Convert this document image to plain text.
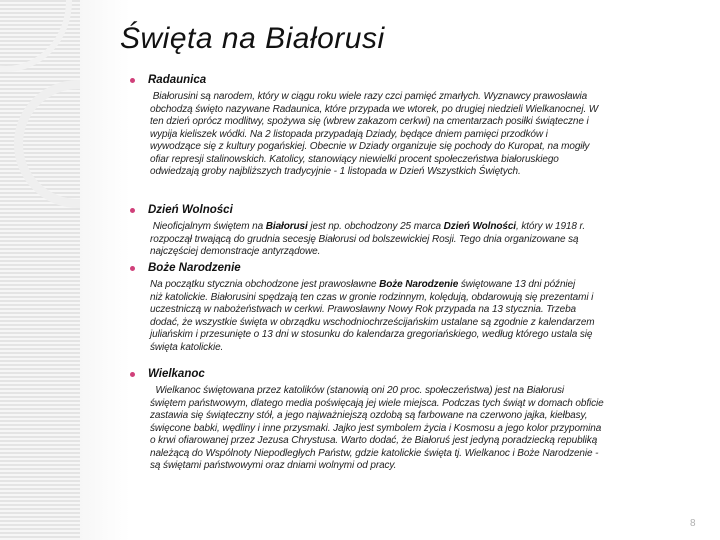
Święta na Białorusi
Radaunica
Białorusini są narodem, który w ciągu roku wiele razy czci pamięć zmarłych. Wyznawcy prawosławia
obchodzą święto nazywane Radaunica, które przypada we wtorek, po drugiej niedzieli Wielkanocnej. W
ten dzień oprócz modlitwy, spożywa się (wbrew zakazom cerkwi) na cmentarzach posiłki świąteczne i
wypija kieliszek wódki. Na 2 listopada przypadają Dziady, będące dniem pamięci przodków i
wywodzące się z kultury pogańskiej. Obecnie w Dziady organizuje się pochody do Kuropat, na mogiły
ofiar represji stalinowskich. Katolicy, stanowiący niewielki procent społeczeństwa białoruskiego
odwiedzają groby najbliższych tradycyjnie - 1 listopada w Dzień Wszystkich Świętych.
Dzień Wolności
Nieoficjalnym świętem na Białorusi jest np. obchodzony 25 marca Dzień Wolności, który w 1918 r.
rozpoczął trwającą do grudnia secesję Białorusi od bolszewickiej Rosji. Tego dnia organizowane są
najczęściej demonstracje antyrządowe.
Boże Narodzenie
Na początku stycznia obchodzone jest prawosławne Boże Narodzenie świętowane 13 dni później
niż katolickie. Białorusini spędzają ten czas w gronie rodzinnym, kolędują, obdarowują się prezentami i
uczestniczą w nabożeństwach w cerkwi. Prawosławny Nowy Rok przypada na 13 stycznia. Trzeba
dodać, że wszystkie święta w obrządku wschodniochrześcijańskim ustalane są zgodnie z kalendarzem
juliańskim i przesunięte o 13 dni w stosunku do kalendarza gregoriańskiego, według którego ustala się
święta katolickie.
Wielkanoc
Wielkanoc świętowana przez katolików (stanowią oni 20 proc. społeczeństwa) jest na Białorusi
świętem państwowym, dlatego media poświęcają jej wiele miejsca. Podczas tych świąt w domach obficie
zastawia się świąteczny stół, a jego najważniejszą ozdobą są farbowane na czerwono jajka, kiełbasy,
święcone babki, wędliny i inne przysmaki. Jajko jest symbolem życia i Kosmosu a jego kolor przypomina
o krwi ofiarowanej przez Jezusa Chrystusa. Warto dodać, że Białoruś jest jedyną poradziecką republiką
należącą do Wspólnoty Niepodległych Państw, gdzie katolickie święta tj. Wielkanoc i Boże Narodzenie -
są świętami państwowymi oraz dniami wolnymi od pracy.
8
